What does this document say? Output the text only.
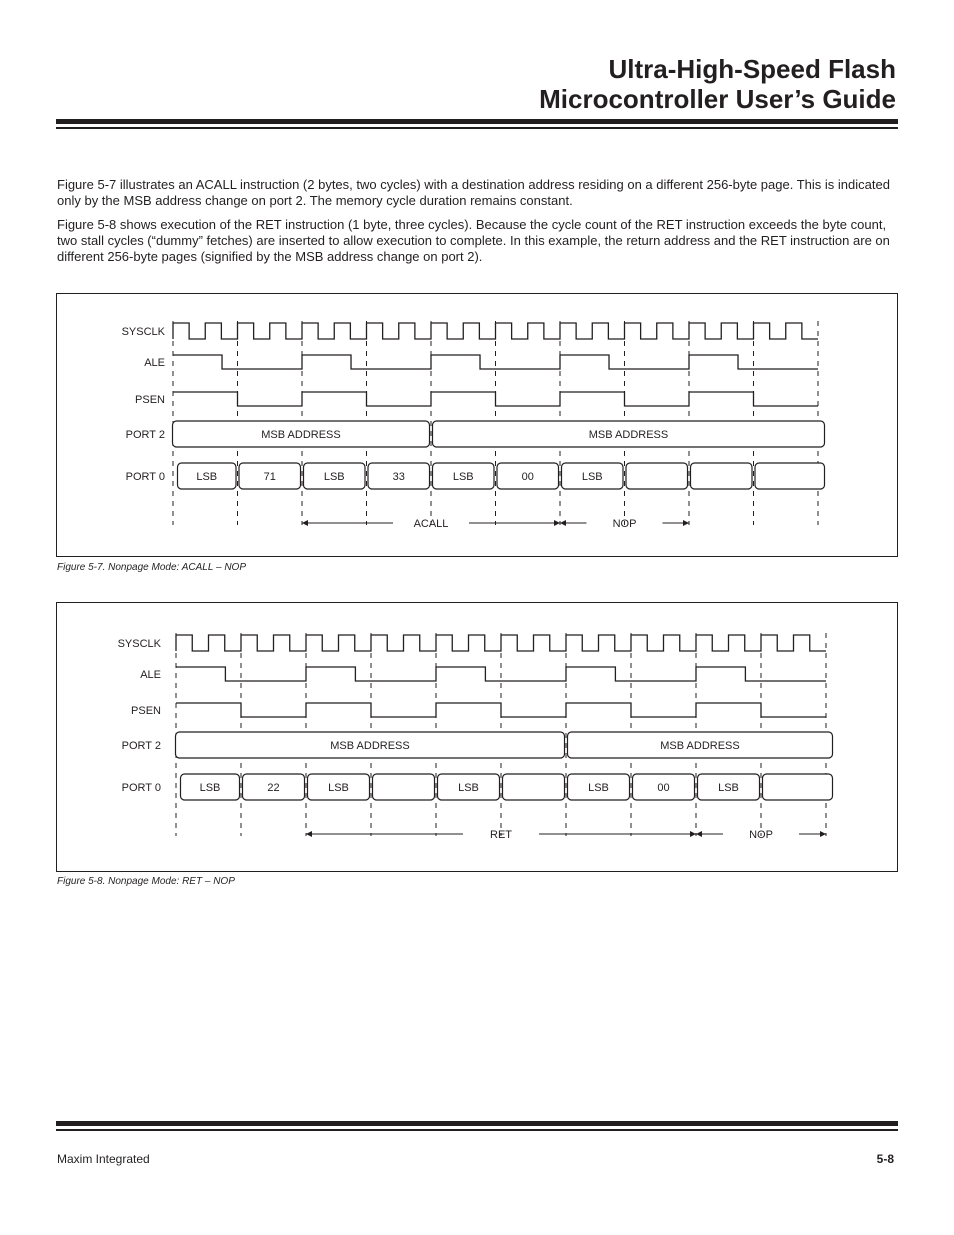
Ultra-High-Speed Flash
Microcontroller User’s Guide

Figure 5-7 illustrates an ACALL instruction (2 bytes, two cycles) with a destination address residing on a different 256-byte page. This is indicated only by the MSB address change on port 2. The memory cycle duration remains constant.

Figure 5-8 shows execution of the RET instruction (1 byte, three cycles). Because the cycle count of the RET instruction exceeds the byte count, two stall cycles (“dummy” fetches) are inserted to allow execution to complete. In this example, the return address and the RET instruction are on different 256-byte pages (signified by the MSB address change on port 2).

SYSCLK
ALE
PSEN
PORT 2
PORT 0
MSB ADDRESS	MSB ADDRESS
LSB	71	LSB	33	LSB	00	LSB
ACALL	NOP
Figure 5-7. Nonpage Mode: ACALL – NOP
SYSCLK
ALE
PSEN
PORT 2
PORT 0
MSB ADDRESS	MSB ADDRESS
LSB	22	LSB	LSB	LSB	00	LSB
RET	NOP
Figure 5-8. Nonpage Mode: RET – NOP
Maxim Integrated	5-8
